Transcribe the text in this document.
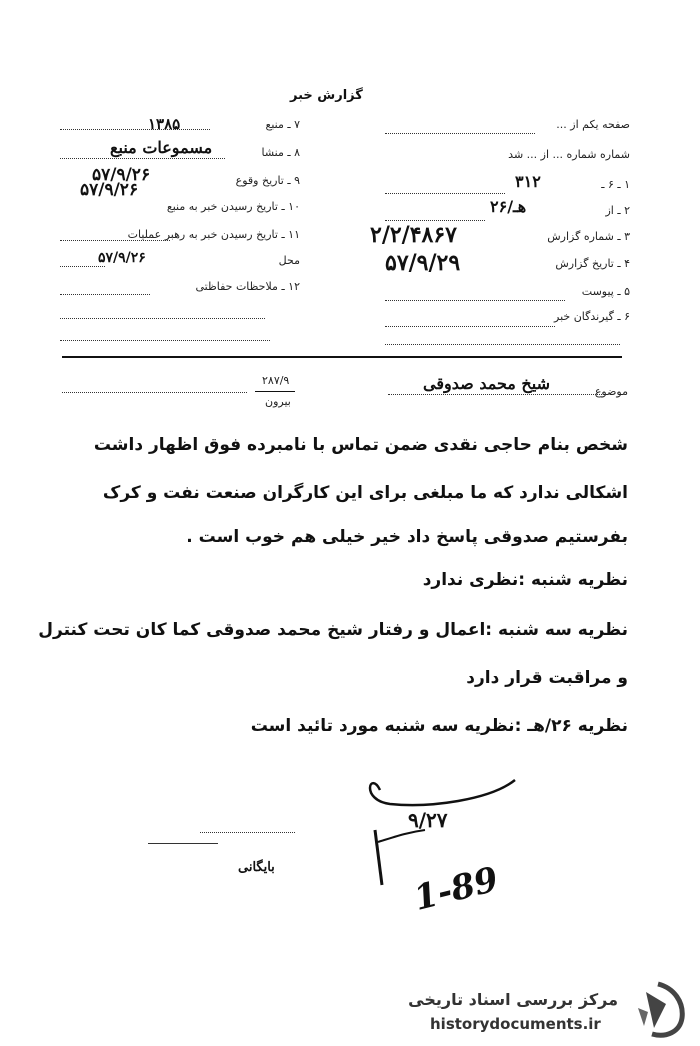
گزارش خبر
صفحه یکم از ...
شماره شماره ... از ... شد
۱ ـ ۶ ـ
۳۱۲
۲ ـ از
۲۶/هـ
۳ ـ شماره گزارش
۲/۲/۴۸۶۷
۴ ـ تاریخ گزارش
۵۷/۹/۲۹
۵ ـ پیوست
۶ ـ گیرندگان خبر
۱۳۸۵	۷ ـ منبع
مسموعات منبع	۸ ـ منشا
۵۷/۹/۲۶	۹ ـ تاریخ وقوع
۵۷/۹/۲۶
۱۰ ـ تاریخ رسیدن خبر به منبع
۱۱ ـ تاریخ رسیدن خبر به رهبر عملیات
محل
۵۷/۹/۲۶
۱۲ ـ ملاحظات حفاظتی
موضوع
شیخ محمد صدوقی
۲۸۷/۹
بیرون
شخص بنام حاجی نقدی ضمن تماس با نامبرده فوق اظهار داشت
اشکالی ندارد که ما مبلغی برای این کارگران صنعت نفت و کرک
بفرستیم صدوقی پاسخ داد خیر خیلی هم خوب است .
نظریه شنبه :نظری ندارد
نظریه سه شنبه :اعمال و رفتار شیخ محمد صدوقی کما کان تحت کنترل
و مراقبت قرار دارد
نظریه ۲۶/هـ :نظریه سه شنبه مورد تائید است
۹/۲۷
1-89
بایگانی
مرکز بررسی اسناد تاریخی
historydocuments.ir
